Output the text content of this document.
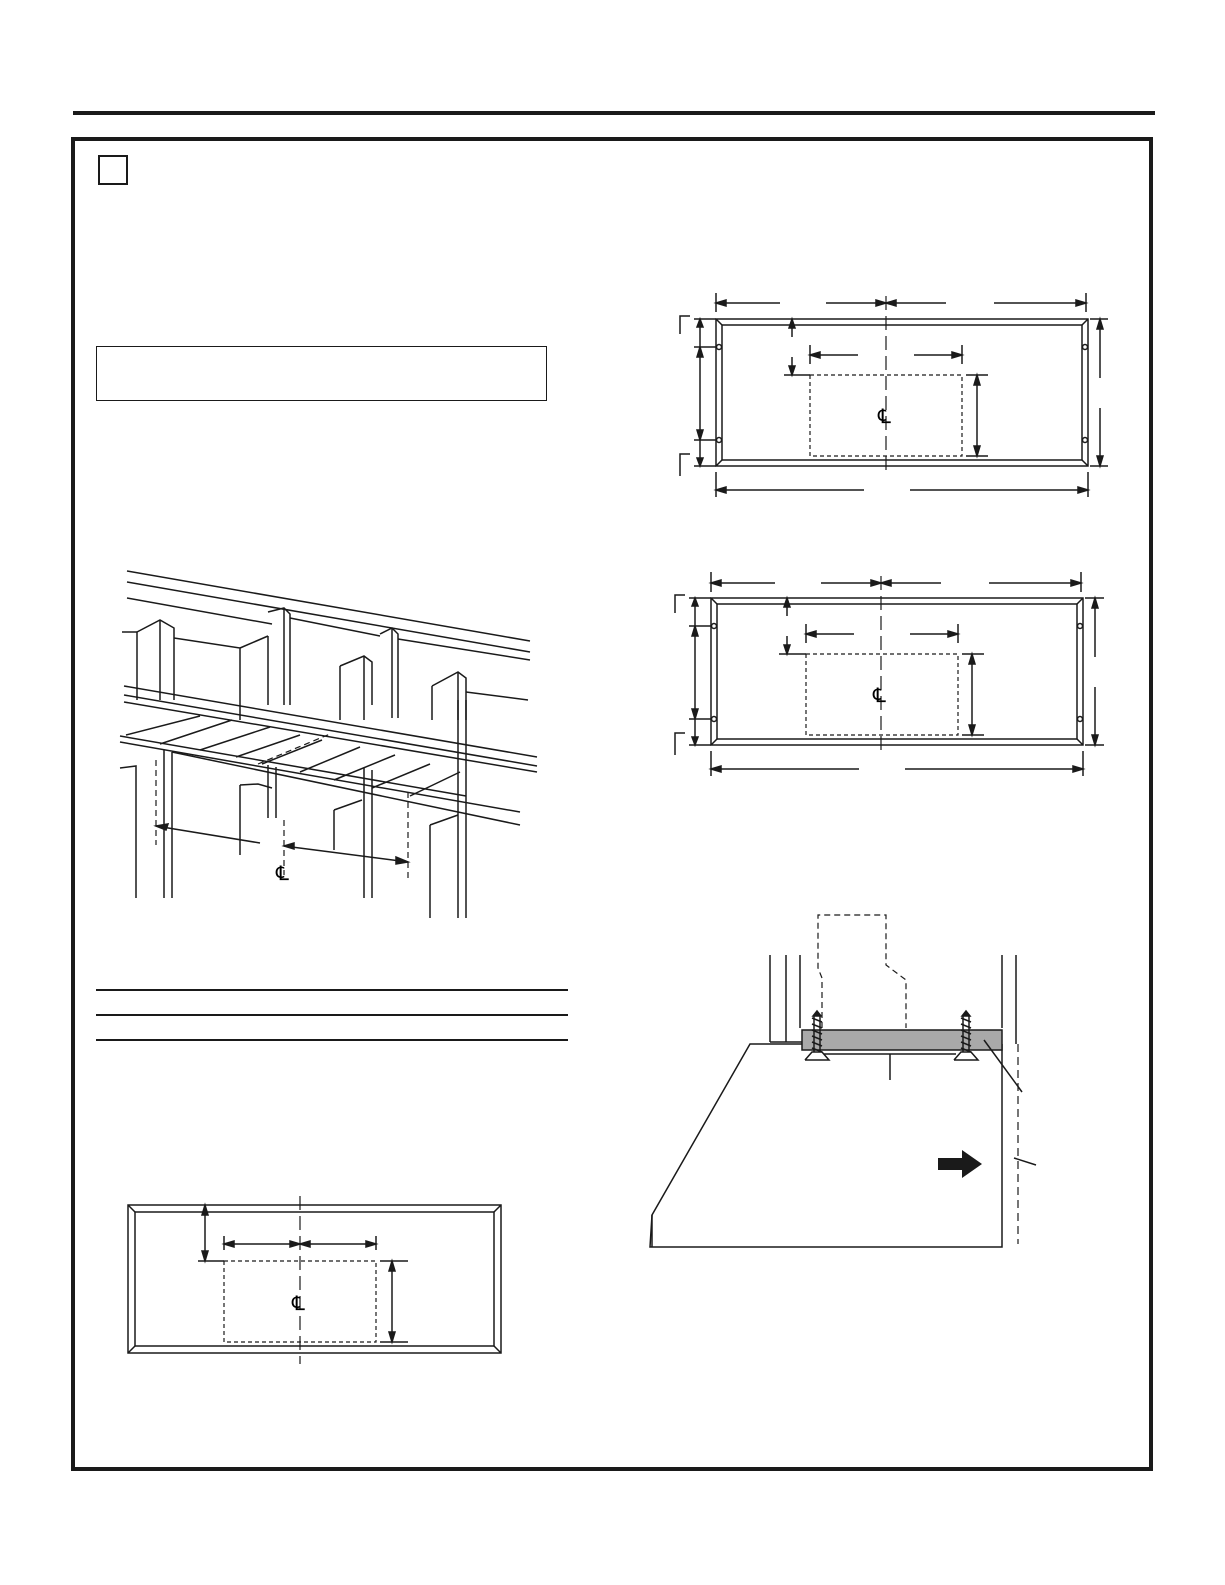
℄
℄
℄
℄
